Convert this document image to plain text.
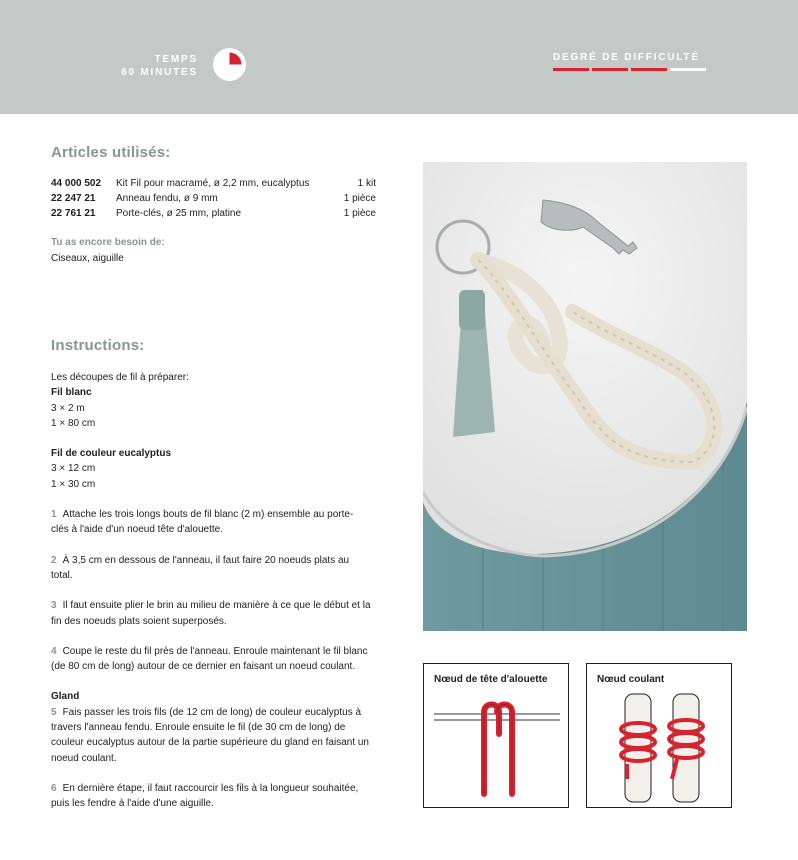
TEMPS
60 MINUTES
DEGRÉ DE DIFFICULTÉ
Articles utilisés:
44 000 502	Kit Fil pour macramé, ø 2,2 mm, eucalyptus	1 kit
22 247 21	Anneau fendu, ø 9 mm	1 pièce
22 761 21	Porte-clés, ø 25 mm, platine	1 pièce
Tu as encore besoin de:
Ciseaux, aiguille
Instructions:

Les découpes de fil à préparer:
Fil blanc
3 × 2 m
1 × 80 cm

Fil de couleur eucalyptus
3 × 12 cm
1 × 30 cm

1 Attache les trois longs bouts de fil blanc (2 m) ensemble au porte-clés à l'aide d'un noeud tête d'alouette.

2 À 3,5 cm en dessous de l'anneau, il faut faire 20 noeuds plats au total.

3 Il faut ensuite plier le brin au milieu de manière à ce que le début et la fin des noeuds plats soient superposés.

4 Coupe le reste du fil près de l'anneau. Enroule maintenant le fil blanc (de 80 cm de long) autour de ce dernier en faisant un noeud coulant.

Gland
5 Fais passer les trois fils (de 12 cm de long) de couleur eucalyptus à travers l'anneau fendu. Enroule ensuite le fil (de 30 cm de long) de couleur eucalyptus autour de la partie supérieure du gland en faisant un noeud coulant.

6 En dernière étape, il faut raccourcir les fils à la longueur souhaitée, puis les fendre à l'aide d'une aiguille.

Nœud de tête d'alouette	Nœud coulant
